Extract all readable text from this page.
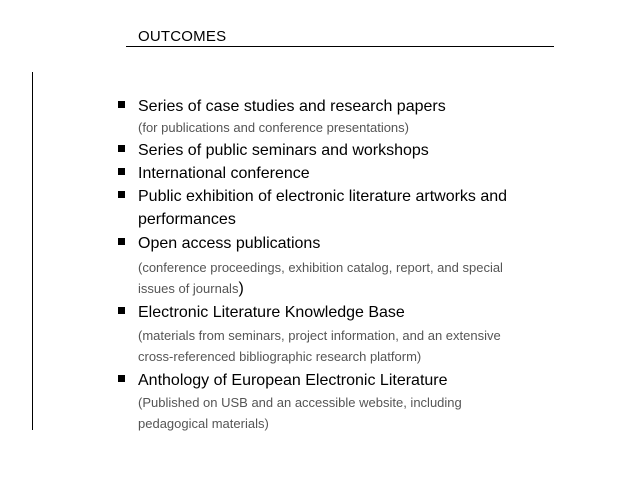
OUTCOMES
Series of case studies and research papers
(for publications and conference presentations)
Series of public seminars and workshops
International conference
Public exhibition of electronic literature artworks and
performances
Open access publications
(conference proceedings, exhibition catalog, report, and special
issues of journals)
Electronic Literature Knowledge Base
(materials from seminars, project information, and an extensive
cross-referenced bibliographic research platform)
Anthology of European Electronic Literature
(Published on USB and an accessible website, including
pedagogical materials)
